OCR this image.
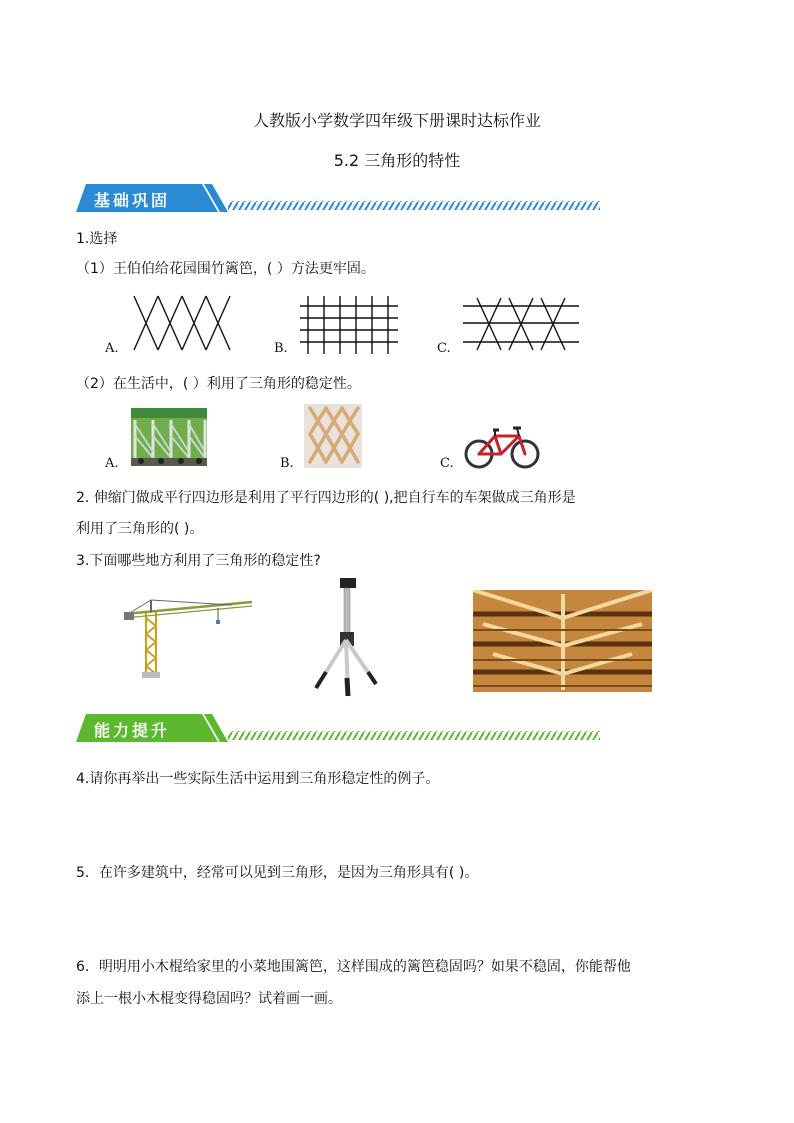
人教版小学数学四年级下册课时达标作业
5.2 三角形的特性
基础巩固
1.选择
（1）王伯伯给花园围竹篱笆，( ）方法更牢固。
A.	B.	C.
（2）在生活中，( ）利用了三角形的稳定性。
A.	B.	C.
2. 伸缩门做成平行四边形是利用了平行四边形的( ),把自行车的车架做成三角形是
利用了三角形的( )。
3.下面哪些地方利用了三角形的稳定性?
能力提升
4.请你再举出一些实际生活中运用到三角形稳定性的例子。
5．在许多建筑中，经常可以见到三角形，是因为三角形具有( )。
6．明明用小木棍给家里的小菜地围篱笆，这样围成的篱笆稳固吗？如果不稳固，你能帮他
添上一根小木棍变得稳固吗？试着画一画。
